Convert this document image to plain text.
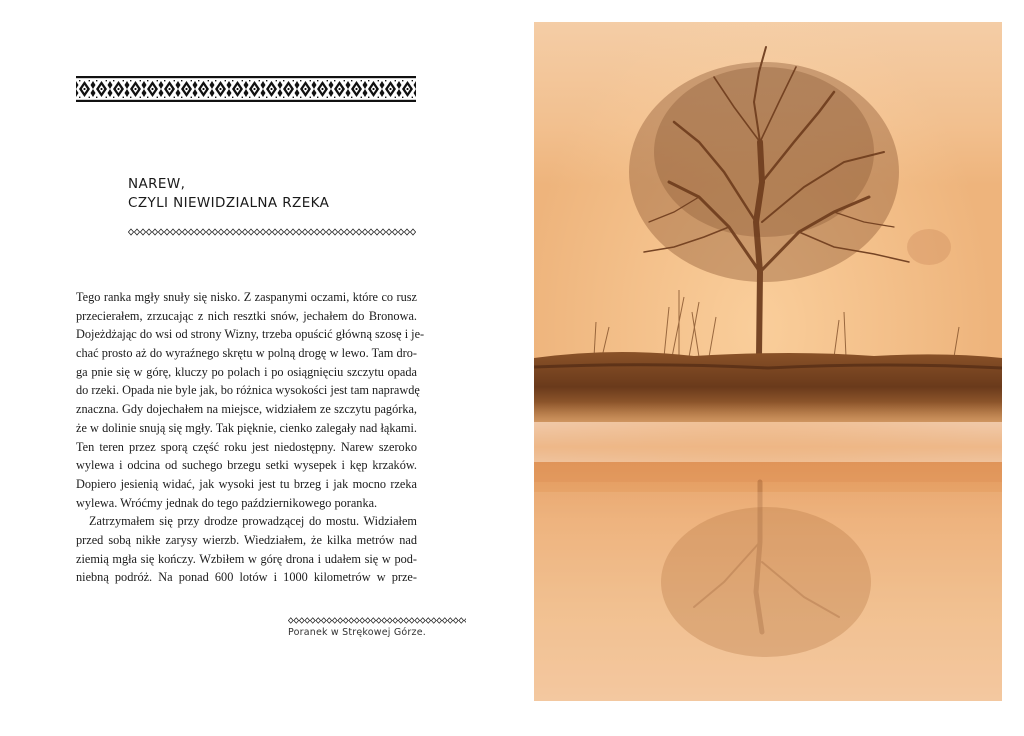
NAREW,
CZYLI NIEWIDZIALNA RZEKA
Tego ranka mgły snuły się nisko. Z zaspanymi oczami, które co rusz
przecierałem, zrzucając z nich resztki snów, jechałem do Bronowa.
Dojeżdżając do wsi od strony Wizny, trzeba opuścić główną szosę i je-
chać prosto aż do wyraźnego skrętu w polną drogę w lewo. Tam dro-
ga pnie się w górę, kluczy po polach i po osiągnięciu szczytu opada
do rzeki. Opada nie byle jak, bo różnica wysokości jest tam naprawdę
znaczna. Gdy dojechałem na miejsce, widziałem ze szczytu pagórka,
że w dolinie snują się mgły. Tak pięknie, cienko zalegały nad łąkami.
Ten teren przez sporą część roku jest niedostępny. Narew szeroko
wylewa i odcina od suchego brzegu setki wysepek i kęp krzaków.
Dopiero jesienią widać, jak wysoki jest tu brzeg i jak mocno rzeka
wylewa. Wróćmy jednak do tego październikowego poranka.
Zatrzymałem się przy drodze prowadzącej do mostu. Widziałem
przed sobą nikłe zarysy wierzb. Wiedziałem, że kilka metrów nad
ziemią mgła się kończy. Wzbiłem w górę drona i udałem się w pod-
niebną podróż. Na ponad 600 lotów i 1000 kilometrów w prze-
Poranek w Strękowej Górze.
